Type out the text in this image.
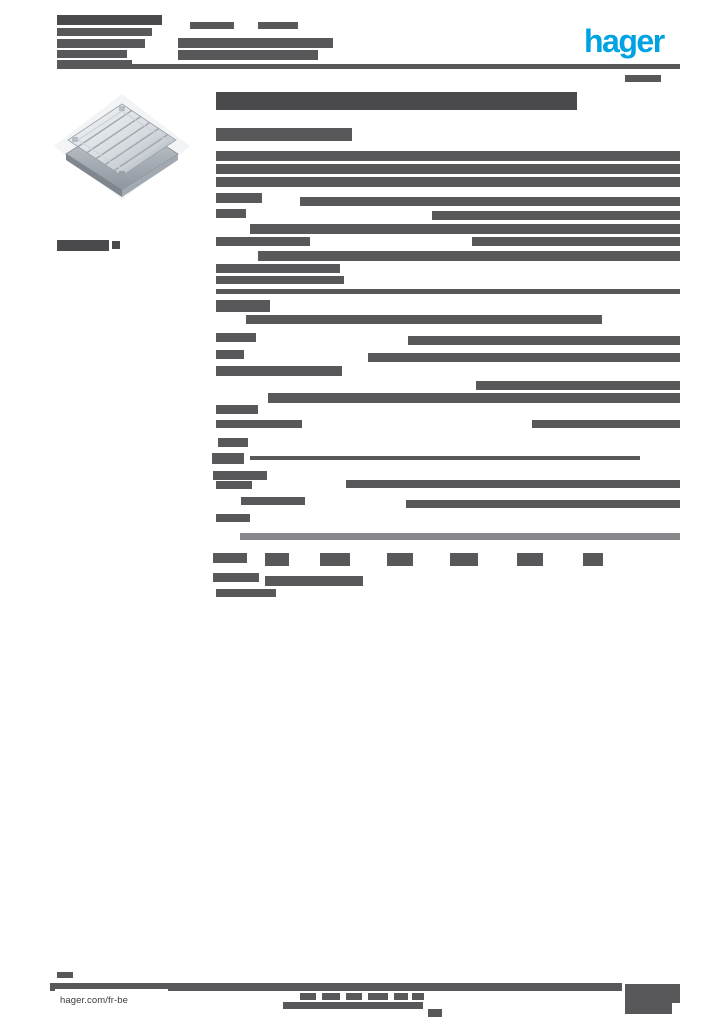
hager
hager.com/fr-be
